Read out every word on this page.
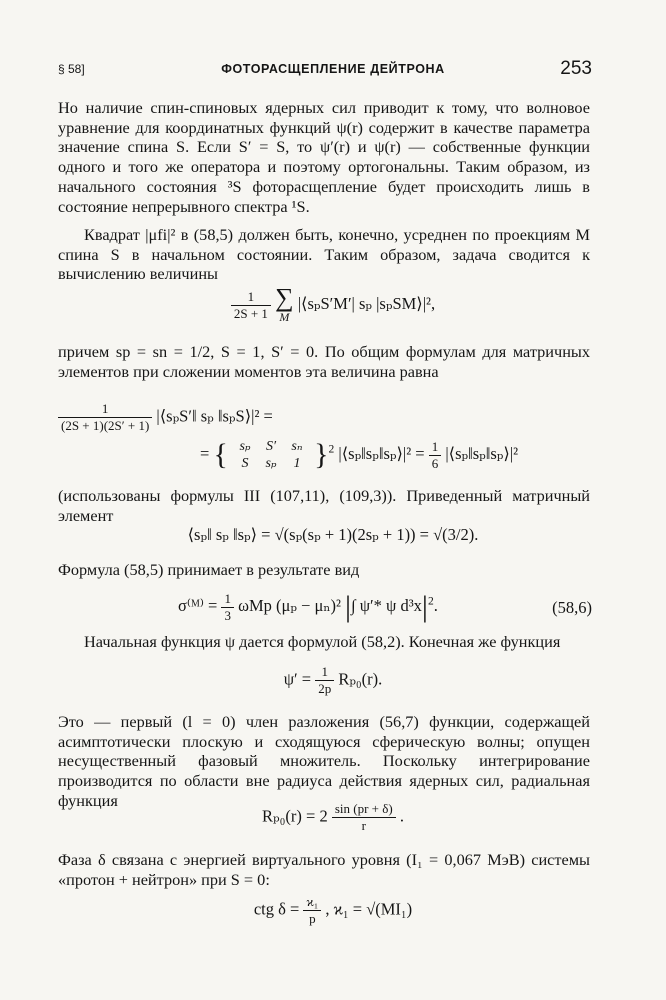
§ 58]	ФОТОРАСЩЕПЛЕНИЕ ДЕЙТРОНА	253
Но наличие спин-спиновых ядерных сил приводит к тому, что волновое уравнение для координатных функций ψ(r) содержит в качестве параметра значение спина S. Если S′ = S, то ψ′(r) и ψ(r) — собственные функции одного и того же оператора и поэтому ортогональны. Таким образом, из начального состояния ³S фоторасщепление будет происходить лишь в состояние непрерывного спектра ¹S.
Квадрат |μfi|² в (58,5) должен быть, конечно, усреднен по проекциям M спина S в начальном состоянии. Таким образом, задача сводится к вычислению величины
$\frac{1}{2S + 1}$
∑
M
|⟨sₚS′M′| sₚ |sₚSM⟩|²,
причем sp = sn = 1/2, S = 1, S′ = 0. По общим формулам для матричных элементов при сложении моментов эта величина равна
$\frac{1}{(2S + 1)(2S' + 1)}$ |⟨sₚS′‖ sₚ ‖sₚS⟩|² =
= { sₚ S′ sₙ
S sₚ 1 }$^2$ |⟨sₚ‖sₚ‖sₚ⟩|² = $\frac{1}{6}$ |⟨sₚ‖sₚ‖sₚ⟩|²
(использованы формулы III (107,11), (109,3)). Приведенный матричный элемент
⟨sₚ‖ sₚ ‖sₚ⟩ = √(sₚ(sₚ + 1)(2sₚ + 1)) = √(3/2).
Формула (58,5) принимает в результате вид
σ⁽ᴹ⁾ = $\frac{1}{3}$ ωMp (μₚ − μₙ)² |∫ ψ′* ψ $d^3x|^2$.	(58,6)
Начальная функция ψ дается формулой (58,2). Конечная же функция
$\psi' = \frac{1}{2p} R_{p0}(r)$.
Это — первый (l = 0) член разложения (56,7) функции, содержащей асимптотически плоскую и сходящуюся сферическую волны; опущен несущественный фазовый множитель. Поскольку интегрирование производится по области вне радиуса действия ядерных сил, радиальная функция
$R_{p0}(r) = 2 \frac{\sin (pr + \delta)}{r}$ .
Фаза δ связана с энергией виртуального уровня (I₁ = 0,067 МэВ) системы «протон + нейтрон» при S = 0:
ctg $\delta = \frac{\text{ϰ₁}}{p}$ , ϰ₁ = √(MI₁)
